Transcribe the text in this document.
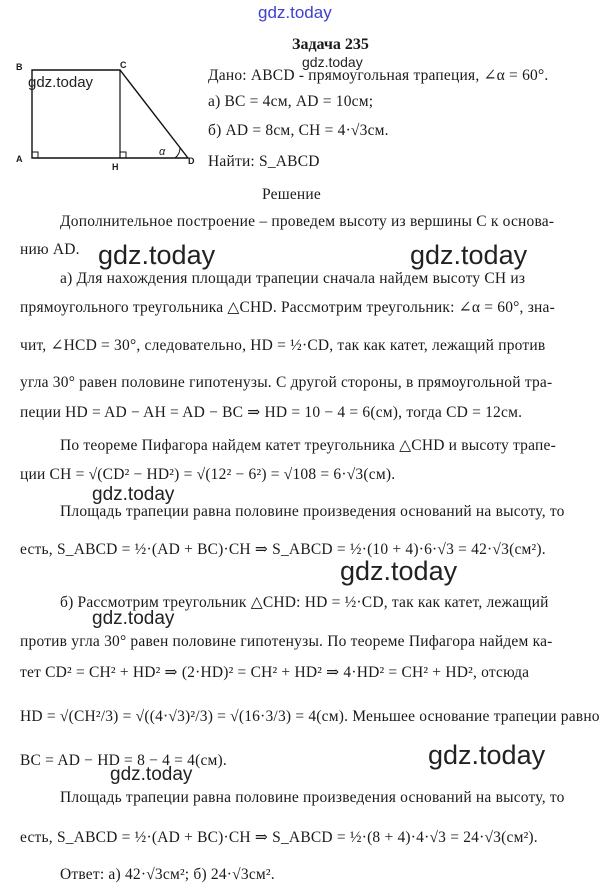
gdz.today
gdz.today
gdz.today	gdz.today
gdz.today
gdz.today
gdz.today
gdz.today
gdz.today
B	C
A
H
D
α
gdz.today
Задача 235
Дано: ABCD - прямоугольная трапеция, ∠α = 60°.
а) BC = 4см, AD = 10см;
б) AD = 8см, CH = 4·√3см.
Найти: S_ABCD
Решение
Дополнительное построение – проведем высоту из вершины C к основа-
нию AD.
а) Для нахождения площади трапеции сначала найдем высоту CH из
прямоугольного треугольника △CHD. Рассмотрим треугольник: ∠α = 60°, зна-
чит, ∠HCD = 30°, следовательно, HD = ½·CD, так как катет, лежащий против
угла 30° равен половине гипотенузы. С другой стороны, в прямоугольной тра-
пеции HD = AD − AH = AD − BC ⇒ HD = 10 − 4 = 6(см), тогда CD = 12см.
По теореме Пифагора найдем катет треугольника △CHD и высоту трапе-
ции CH = √(CD² − HD²) = √(12² − 6²) = √108 = 6·√3(см).
Площадь трапеции равна половине произведения оснований на высоту, то
есть, S_ABCD = ½·(AD + BC)·CH ⇒ S_ABCD = ½·(10 + 4)·6·√3 = 42·√3(см²).
б) Рассмотрим треугольник △CHD: HD = ½·CD, так как катет, лежащий
против угла 30° равен половине гипотенузы. По теореме Пифагора найдем ка-
тет CD² = CH² + HD² ⇒ (2·HD)² = CH² + HD² ⇒ 4·HD² = CH² + HD², отсюда
HD = √(CH²/3) = √((4·√3)²/3) = √(16·3/3) = 4(см). Меньшее основание трапеции равно
BC = AD − HD = 8 − 4 = 4(см).
Площадь трапеции равна половине произведения оснований на высоту, то
есть, S_ABCD = ½·(AD + BC)·CH ⇒ S_ABCD = ½·(8 + 4)·4·√3 = 24·√3(см²).
Ответ: а) 42·√3см²; б) 24·√3см².
